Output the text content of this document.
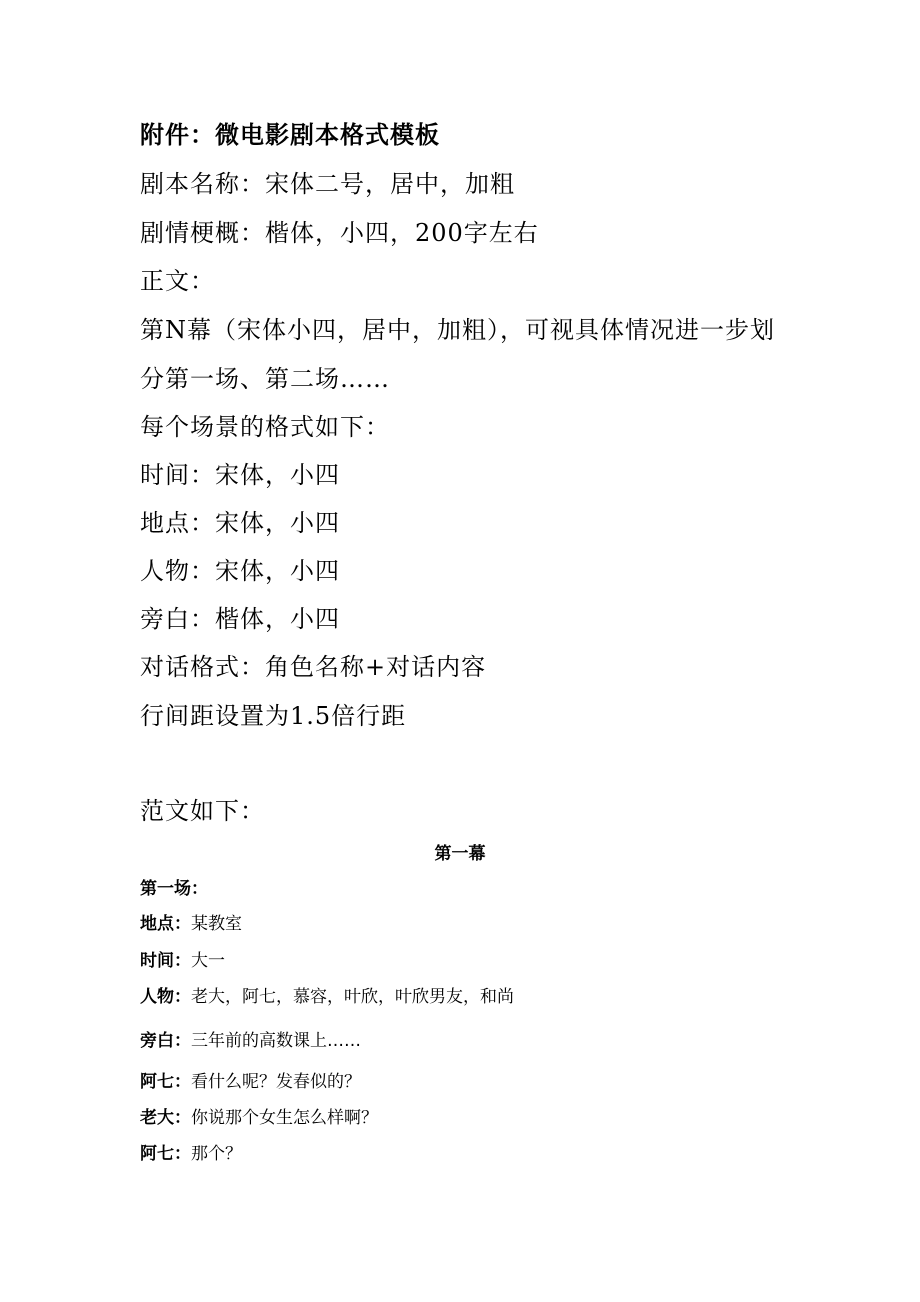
附件：微电影剧本格式模板
剧本名称：宋体二号，居中，加粗
剧情梗概：楷体，小四，200字左右
正文：
第N幕（宋体小四，居中，加粗），可视具体情况进一步划
分第一场、第二场……
每个场景的格式如下：
时间：宋体，小四
地点：宋体，小四
人物：宋体，小四
旁白：楷体，小四
对话格式：角色名称+对话内容
行间距设置为1.5倍行距
范文如下：
第一幕
第一场：
地点：某教室
时间：大一
人物：老大，阿七，慕容，叶欣，叶欣男友，和尚
旁白：三年前的高数课上……
阿七：看什么呢？发春似的？
老大：你说那个女生怎么样啊？
阿七：那个？
